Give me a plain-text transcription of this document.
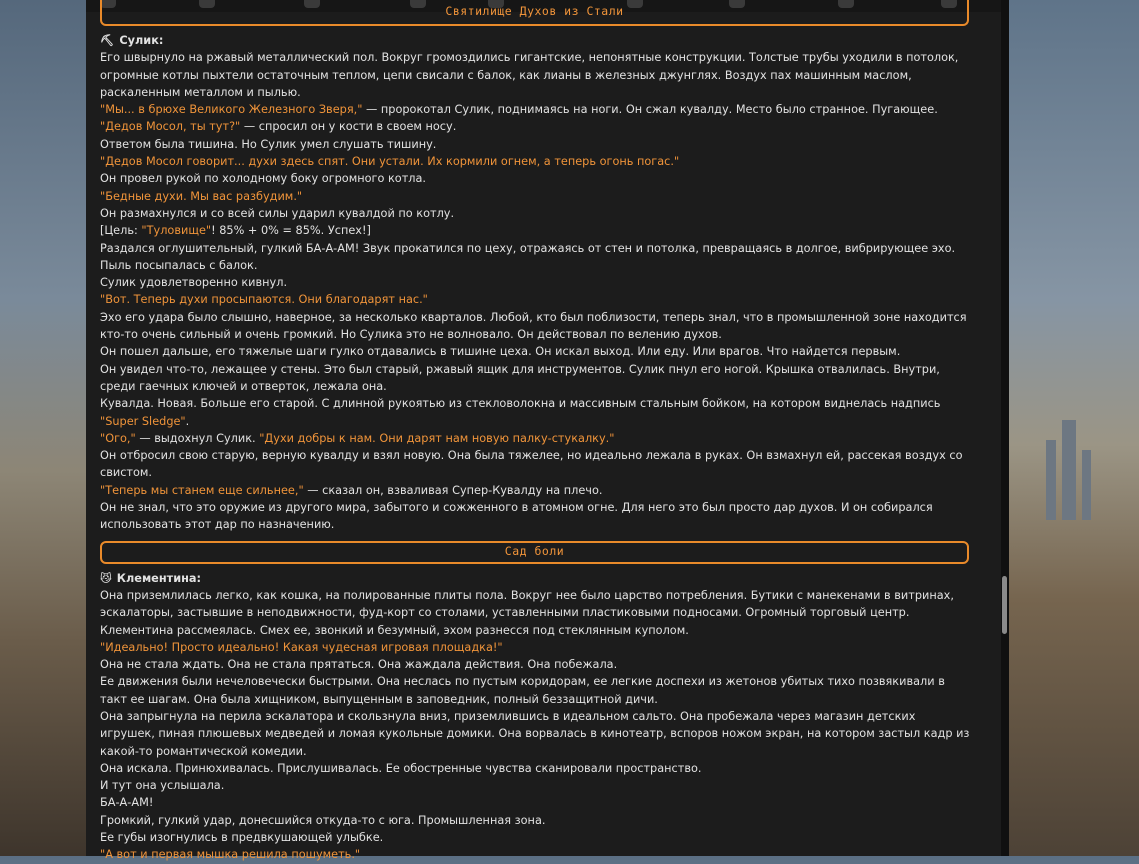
Святилище Духов из Стали
⛏ Сулик:

Его швырнуло на ржавый металлический пол. Вокруг громоздились гигантские, непонятные конструкции. Толстые трубы уходили в потолок, огромные котлы пыхтели остаточным теплом, цепи свисали с балок, как лианы в железных джунглях. Воздух пах машинным маслом, раскаленным металлом и пылью.

"Мы... в брюхе Великого Железного Зверя," — пророкотал Сулик, поднимаясь на ноги. Он сжал кувалду. Место было странное. Пугающее.

"Дедов Мосол, ты тут?" — спросил он у кости в своем носу.

Ответом была тишина. Но Сулик умел слушать тишину.

"Дедов Мосол говорит... духи здесь спят. Они устали. Их кормили огнем, а теперь огонь погас."

Он провел рукой по холодному боку огромного котла.

"Бедные духи. Мы вас разбудим."

Он размахнулся и со всей силы ударил кувалдой по котлу.

[Цель: "Туловище"! 85% + 0% = 85%. Успех!]

Раздался оглушительный, гулкий БА-А-АМ! Звук прокатился по цеху, отражаясь от стен и потолка, превращаясь в долгое, вибрирующее эхо. Пыль посыпалась с балок.

Сулик удовлетворенно кивнул.

"Вот. Теперь духи просыпаются. Они благодарят нас."

Эхо его удара было слышно, наверное, за несколько кварталов. Любой, кто был поблизости, теперь знал, что в промышленной зоне находится кто-то очень сильный и очень громкий. Но Сулика это не волновало. Он действовал по велению духов.

Он пошел дальше, его тяжелые шаги гулко отдавались в тишине цеха. Он искал выход. Или еду. Или врагов. Что найдется первым.

Он увидел что-то, лежащее у стены. Это был старый, ржавый ящик для инструментов. Сулик пнул его ногой. Крышка отвалилась. Внутри, среди гаечных ключей и отверток, лежала она.

Кувалда. Новая. Больше его старой. С длинной рукоятью из стекловолокна и массивным стальным бойком, на котором виднелась надпись "Super Sledge".

"Ого," — выдохнул Сулик. "Духи добры к нам. Они дарят нам новую палку-стукалку."

Он отбросил свою старую, верную кувалду и взял новую. Она была тяжелее, но идеально лежала в руках. Он взмахнул ей, рассекая воздух со свистом.

"Теперь мы станем еще сильнее," — сказал он, взваливая Супер-Кувалду на плечо.

Он не знал, что это оружие из другого мира, забытого и сожженного в атомном огне. Для него это был просто дар духов. И он собирался использовать этот дар по назначению.

Сад боли
😼 Клементина:

Она приземлилась легко, как кошка, на полированные плиты пола. Вокруг нее было царство потребления. Бутики с манекенами в витринах, эскалаторы, застывшие в неподвижности, фуд-корт со столами, уставленными пластиковыми подносами. Огромный торговый центр.

Клементина рассмеялась. Смех ее, звонкий и безумный, эхом разнесся под стеклянным куполом.

"Идеально! Просто идеально! Какая чудесная игровая площадка!"

Она не стала ждать. Она не стала прятаться. Она жаждала действия. Она побежала.

Ее движения были нечеловечески быстрыми. Она неслась по пустым коридорам, ее легкие доспехи из жетонов убитых тихо позвякивали в такт ее шагам. Она была хищником, выпущенным в заповедник, полный беззащитной дичи.

Она запрыгнула на перила эскалатора и скользнула вниз, приземлившись в идеальном сальто. Она пробежала через магазин детских игрушек, пиная плюшевых медведей и ломая кукольные домики. Она ворвалась в кинотеатр, вспоров ножом экран, на котором застыл кадр из какой-то романтической комедии.

Она искала. Принюхивалась. Прислушивалась. Ее обостренные чувства сканировали пространство.

И тут она услышала.

БА-А-АМ!

Громкий, гулкий удар, донесшийся откуда-то с юга. Промышленная зона.

Ее губы изогнулись в предвкушающей улыбке.

"А вот и первая мышка решила пошуметь."
